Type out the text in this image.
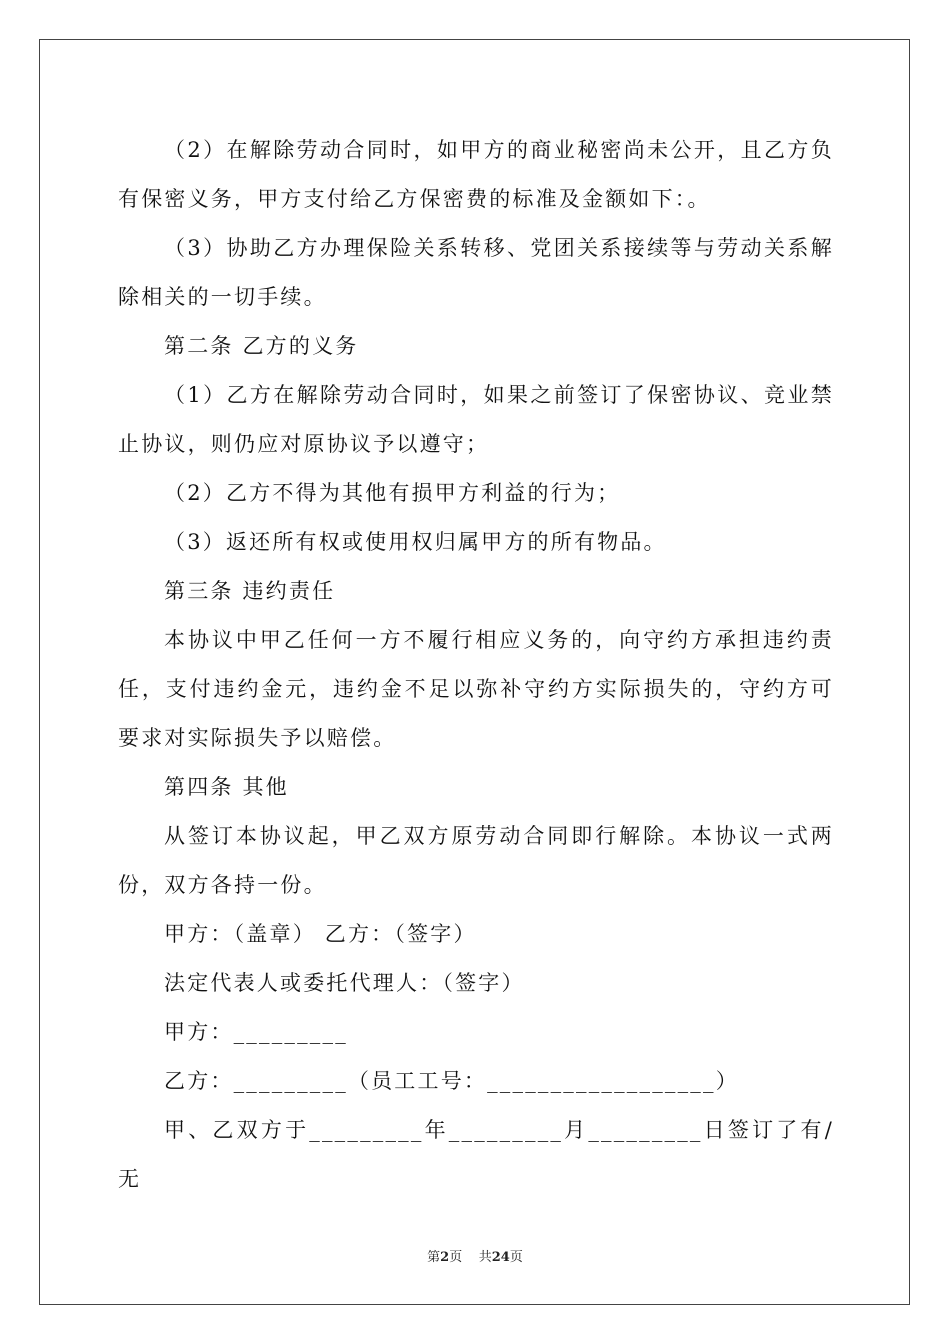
（2）在解除劳动合同时，如甲方的商业秘密尚未公开，且乙方负有保密义务，甲方支付给乙方保密费的标准及金额如下：。

（3）协助乙方办理保险关系转移、党团关系接续等与劳动关系解除相关的一切手续。

第二条 乙方的义务

（1）乙方在解除劳动合同时，如果之前签订了保密协议、竞业禁止协议，则仍应对原协议予以遵守；

（2）乙方不得为其他有损甲方利益的行为；

（3）返还所有权或使用权归属甲方的所有物品。

第三条 违约责任

本协议中甲乙任何一方不履行相应义务的，向守约方承担违约责任，支付违约金元，违约金不足以弥补守约方实际损失的，守约方可要求对实际损失予以赔偿。

第四条 其他

从签订本协议起，甲乙双方原劳动合同即行解除。本协议一式两份，双方各持一份。

甲方：（盖章） 乙方：（签字）

法定代表人或委托代理人：（签字）

甲方：_________

乙方：_________（员工工号：__________________）

甲、乙双方于_________年_________月_________日签订了有/无

第2页 共24页
